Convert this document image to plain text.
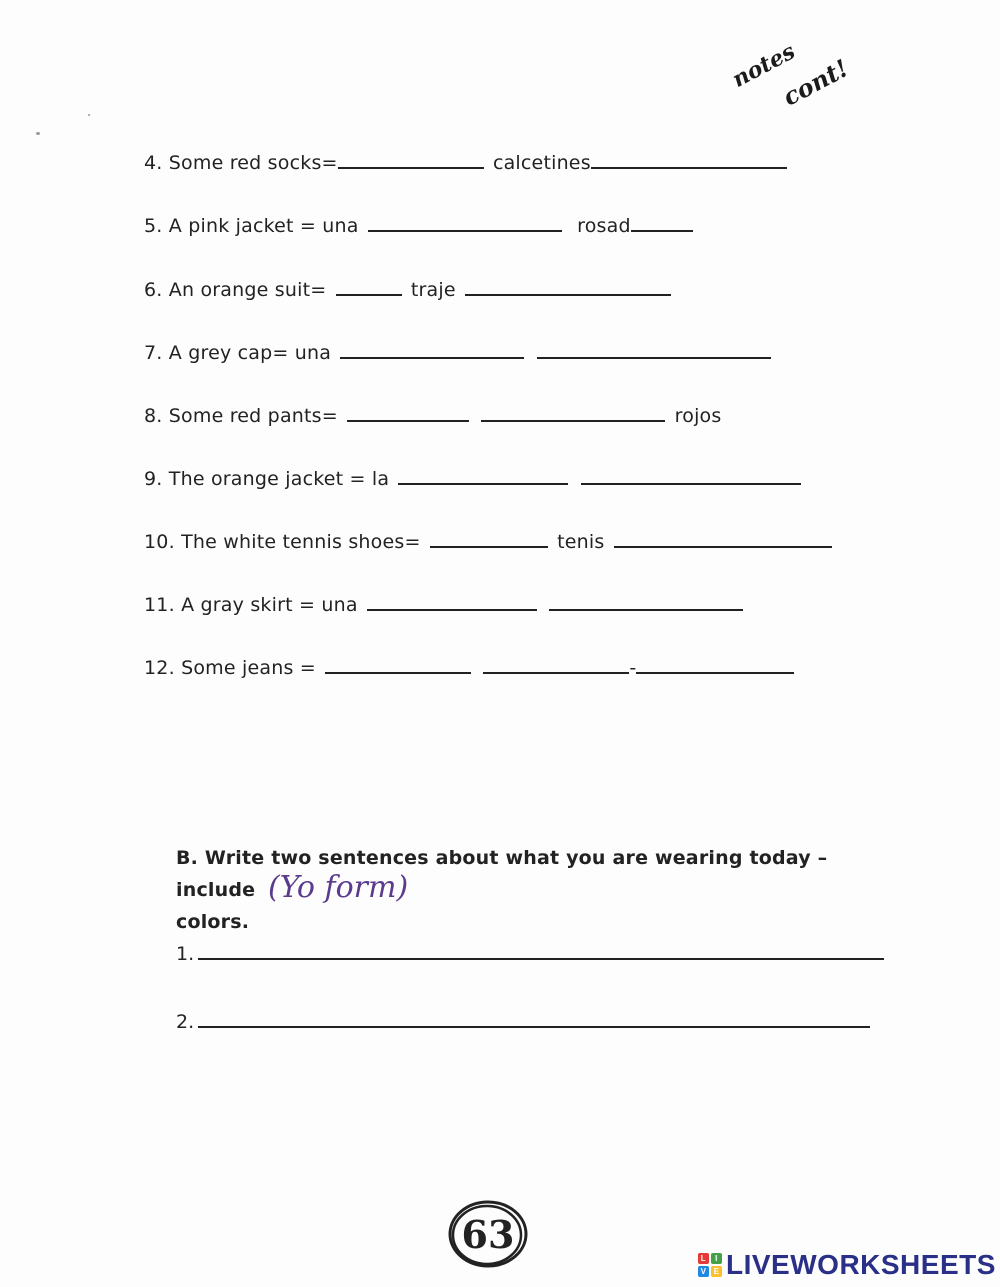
notes
cont!
4. Some red socks=	calcetines
5. A pink jacket = una	rosad
6. An orange suit=	traje
7. A grey cap= una
8. Some red pants=	rojos
9. The orange jacket = la
10. The white tennis shoes=	tenis
11. A gray skirt = una
12. Some jeans =	-
B. Write two sentences about what you are wearing today – include
colors.
(Yo form)
1.
2.
63
L	I
V E LIVEWORKSHEETS
